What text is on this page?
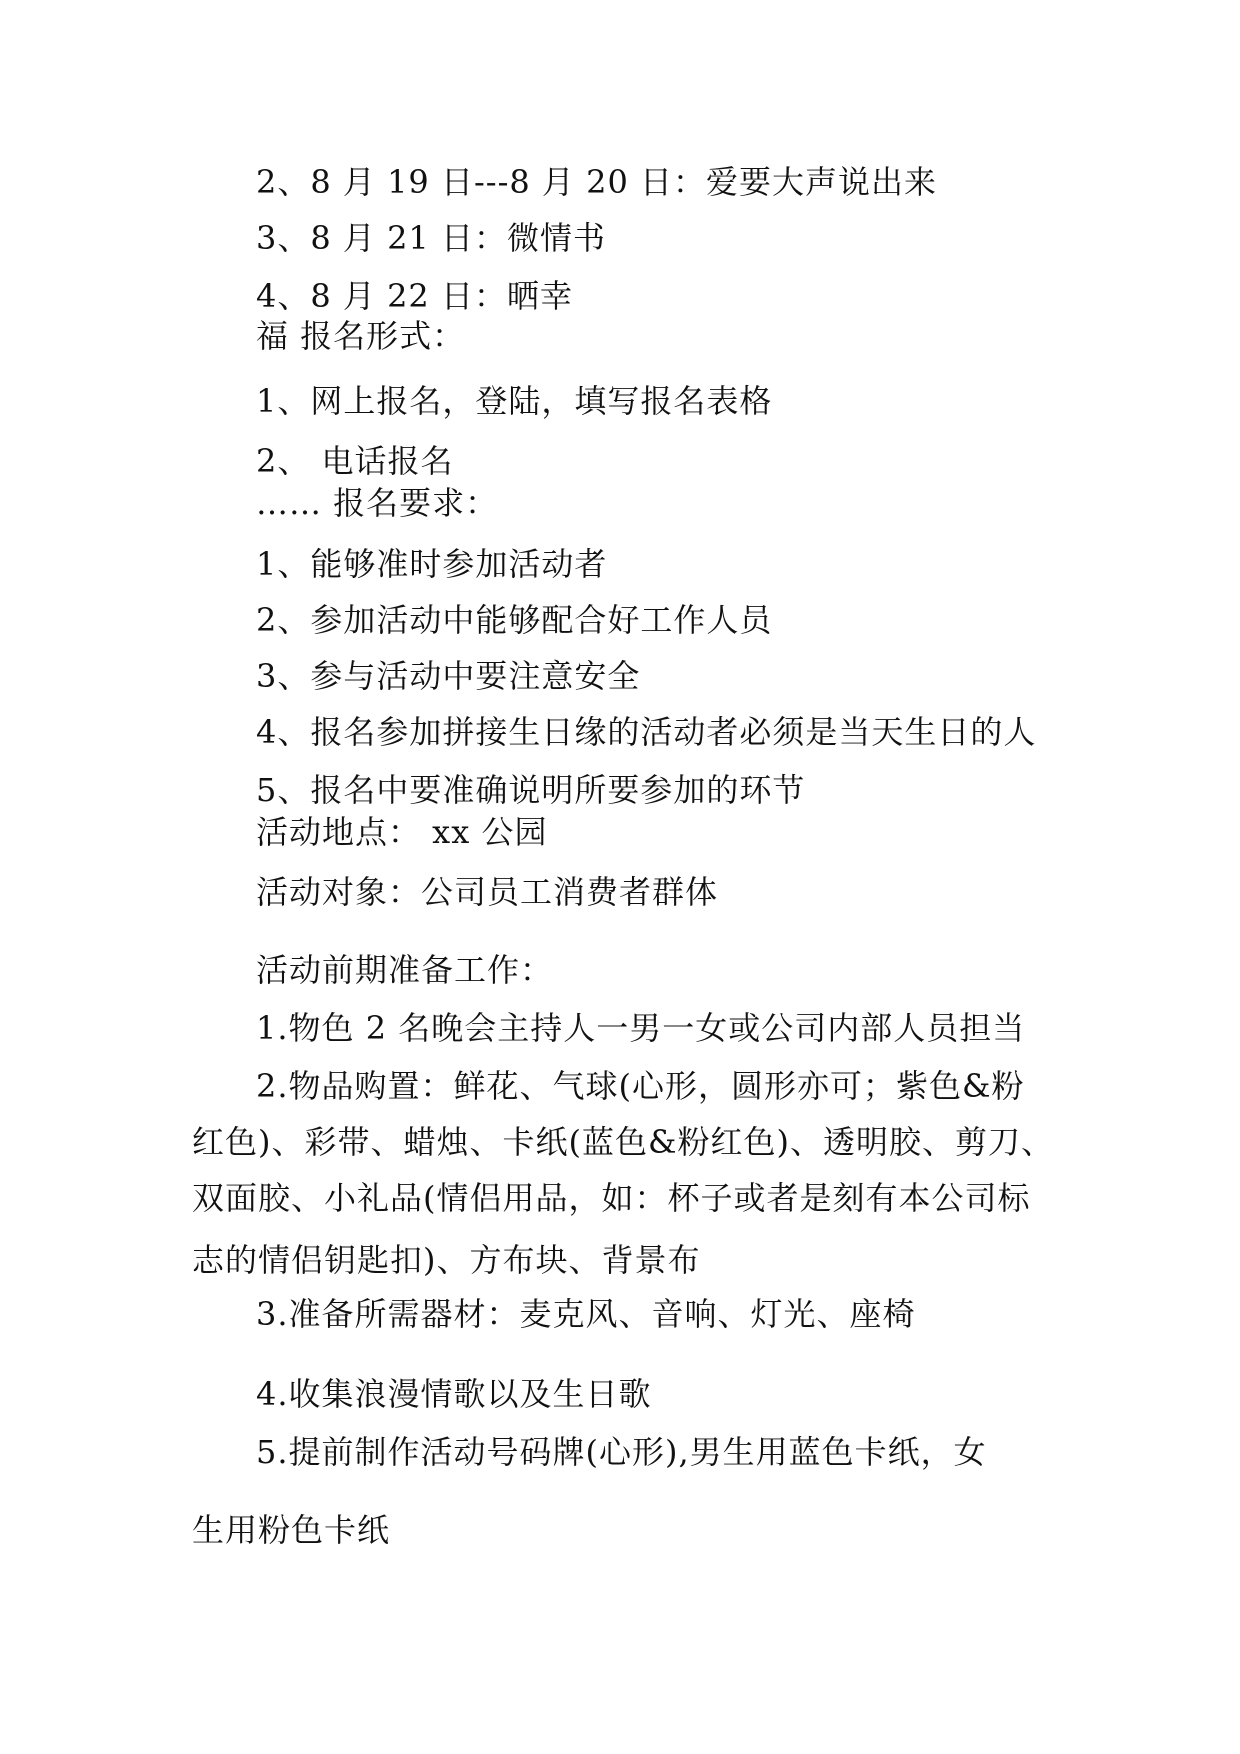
2、8 月 19 日---8 月 20 日：爱要大声说出来
3、8 月 21 日：微情书
4、8 月 22 日：晒幸
福 报名形式：
1、网上报名，登陆，填写报名表格
2、 电话报名
…… 报名要求：
1、能够准时参加活动者
2、参加活动中能够配合好工作人员
3、参与活动中要注意安全
4、报名参加拼接生日缘的活动者必须是当天生日的人
5、报名中要准确说明所要参加的环节
活动地点： xx 公园
活动对象：公司员工消费者群体
活动前期准备工作：
1.物色 2 名晚会主持人一男一女或公司内部人员担当
2.物品购置：鲜花、气球(心形，圆形亦可；紫色&粉
红色)、彩带、蜡烛、卡纸(蓝色&粉红色)、透明胶、剪刀、
双面胶、小礼品(情侣用品，如：杯子或者是刻有本公司标
志的情侣钥匙扣)、方布块、背景布
3.准备所需器材：麦克风、音响、灯光、座椅
4.收集浪漫情歌以及生日歌
5.提前制作活动号码牌(心形),男生用蓝色卡纸，女
生用粉色卡纸
